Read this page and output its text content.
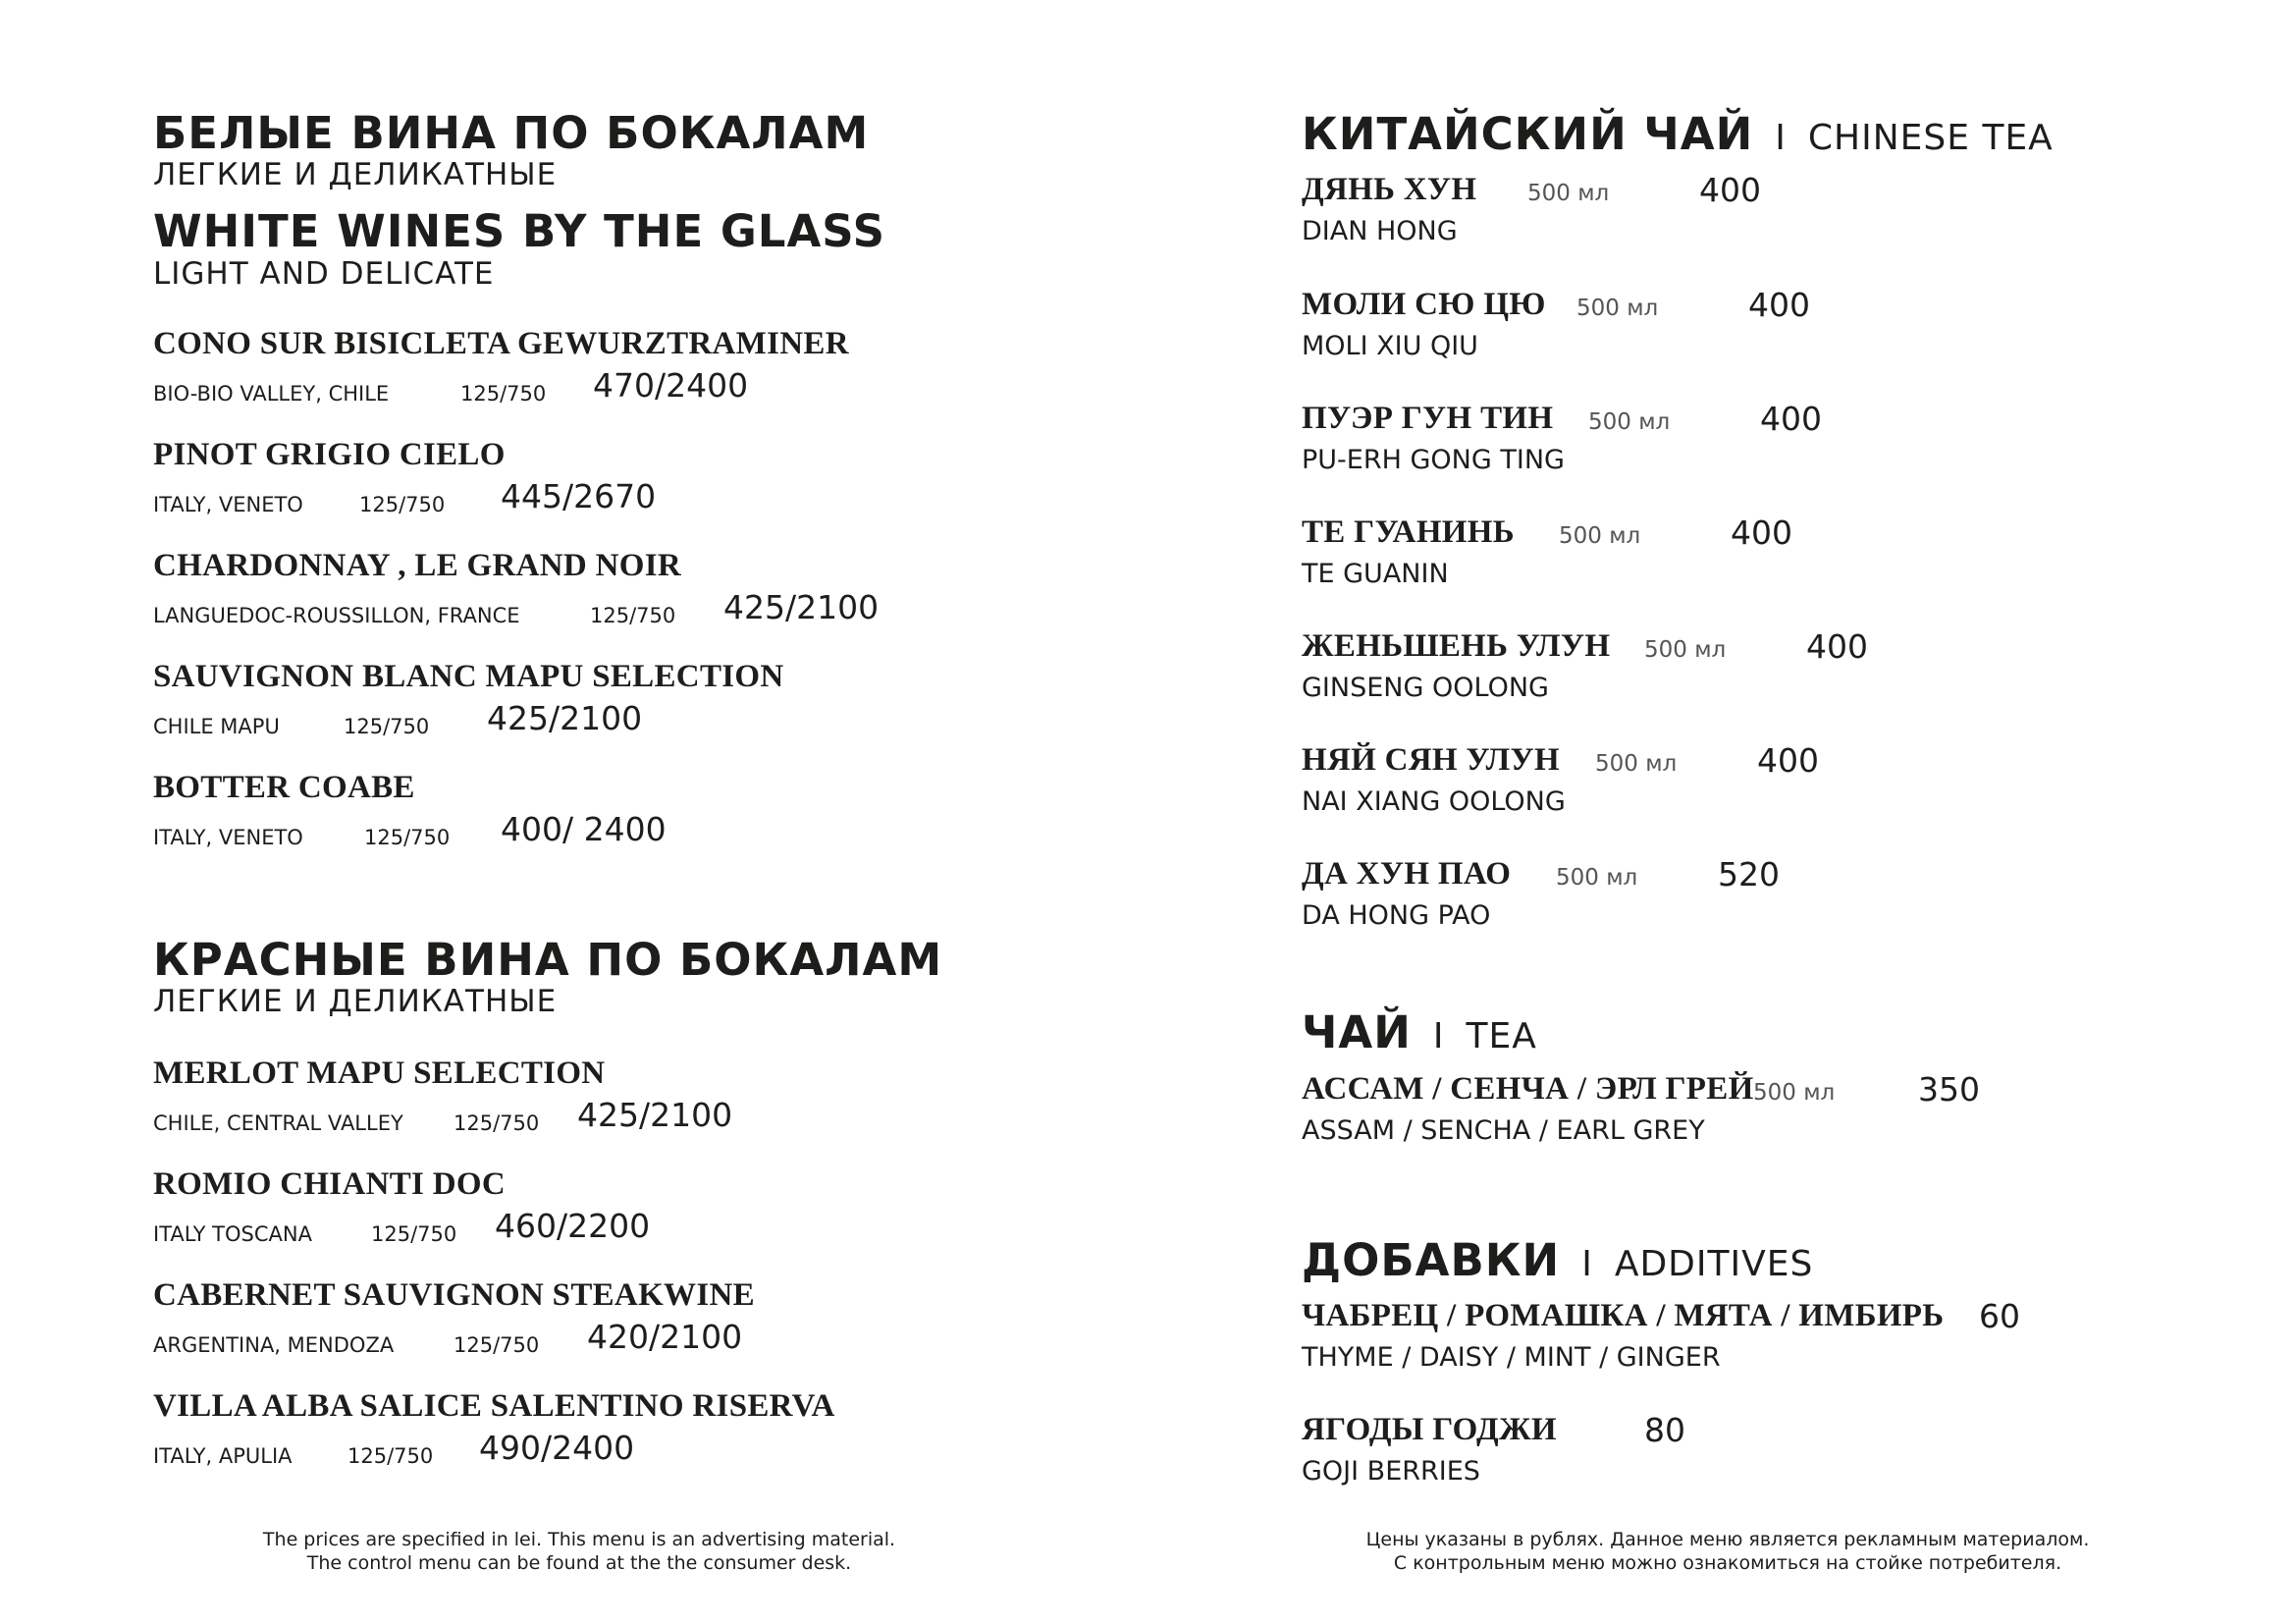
БЕЛЫЕ ВИНА ПО БОКАЛАМ
ЛЕГКИЕ И ДЕЛИКАТНЫЕ
WHITE WINES BY THE GLASS
LIGHT AND DELICATE
CONO SUR BISICLETA GEWURZTRAMINER
BIO-BIO VALLEY, CHILE	125/750 470/2400
PINOT GRIGIO CIELO
ITALY, VENETO	125/750 445/2670
CHARDONNAY , LE GRAND NOIR
LANGUEDOC-ROUSSILLON, FRANCE	125/750 425/2100
SAUVIGNON BLANC MAPU SELECTION
CHILE MAPU	125/750 425/2100
BOTTER COABE
ITALY, VENETO	125/750 400/ 2400
КРАСНЫЕ ВИНА ПО БОКАЛАМ
ЛЕГКИЕ И ДЕЛИКАТНЫЕ
MERLOT MAPU SELECTION
CHILE, CENTRAL VALLEY 125/750 425/2100
ROMIO CHIANTI DOC
ITALY TOSCANA	125/750 460/2200
CABERNET SAUVIGNON STEAKWINE
ARGENTINA, MENDOZA	125/750 420/2100
VILLA ALBA SALICE SALENTINO RISERVA
ITALY, APULIA	125/750 490/2400
The prices are specified in lei. This menu is an advertising material.
The control menu can be found at the the consumer desk.
КИТАЙСКИЙ ЧАЙ I CHINESE TEA
ДЯНЬ ХУН 500 мл	400
DIAN HONG
МОЛИ СЮ ЦЮ 500 мл	400
MOLI XIU QIU
ПУЭР ГУН ТИН	500 мл	400
PU-ERH GONG TING
ТЕ ГУАНИНЬ 500 мл	400
TE GUANIN
ЖЕНЬШЕНЬ УЛУН 500 мл 400
GINSENG OOLONG
НЯЙ СЯН УЛУН 500 мл 400
NAI XIANG OOLONG
ДА ХУН ПАО 500 мл 520
DA HONG PAO
ЧАЙ I TEA
АССАМ / СЕНЧА / ЭРЛ ГРЕЙ 500 мл	350
ASSAM / SENCHA / EARL GREY
ДОБАВКИ I ADDITIVES
ЧАБРЕЦ / РОМАШКА / МЯТА / ИМБИРЬ 60
THYME / DAISY / MINT / GINGER
ЯГОДЫ ГОДЖИ	80
GOJI BERRIES
Цены указаны в рублях. Данное меню является рекламным материалом.
С контрольным меню можно ознакомиться на стойке потребителя.
